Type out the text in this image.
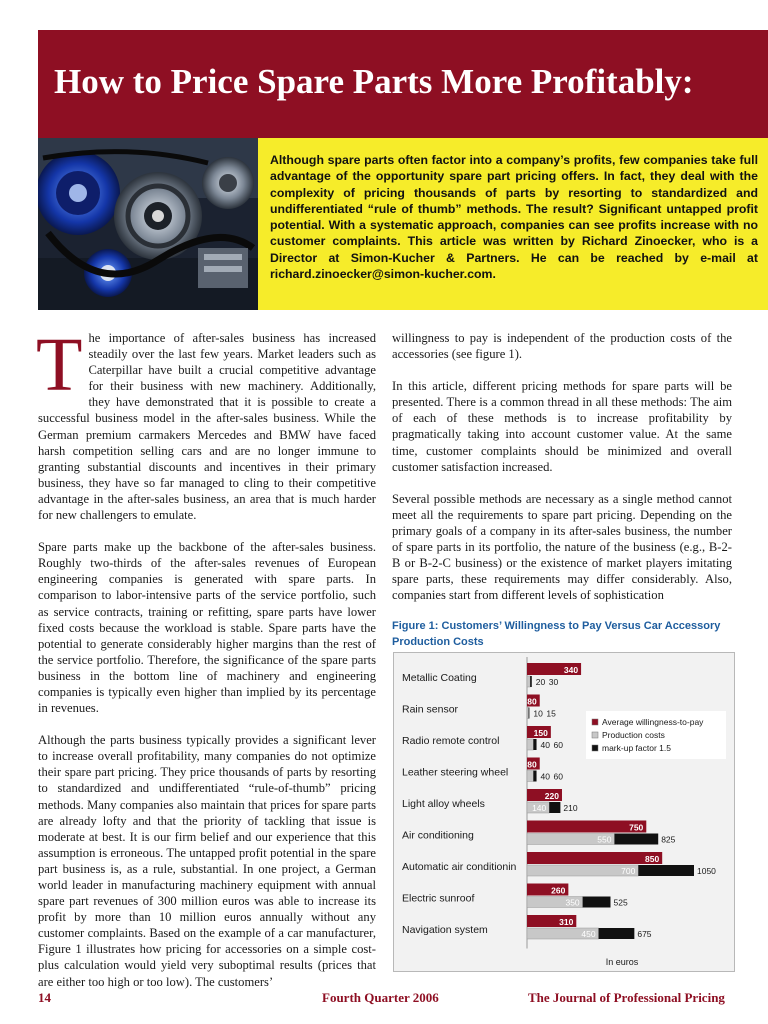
How to Price Spare Parts More Profitably:
Although spare parts often factor into a company’s profits, few companies take full advantage of the opportunity spare part pricing offers. In fact, they deal with the complexity of pricing thousands of parts by resorting to standardized and undifferentiated “rule of thumb” methods. The result? Significant untapped profit potential. With a systematic approach, companies can see profits increase with no customer complaints. This article was written by Richard Zinoecker, who is a Director at Simon-Kucher & Partners. He can be reached by e-mail at richard.zinoecker@simon-kucher.com.

The importance of after-sales business has increased steadily over the last few years. Market leaders such as Caterpillar have built a crucial competitive advantage for their business with new machinery. Additionally, they have demonstrated that it is possible to create a successful business model in the after-sales business. While the German premium carmakers Mercedes and BMW have faced harsh competition selling cars and are no longer immune to granting substantial discounts and incentives in their primary business, they have so far managed to cling to their competitive advantage in the after-sales business, an area that is much harder for new challengers to emulate.

Spare parts make up the backbone of the after-sales business. Roughly two-thirds of the after-sales revenues of European engineering companies is generated with spare parts. In comparison to labor-intensive parts of the service portfolio, such as service contracts, training or refitting, spare parts have lower fixed costs because the workload is stable. Spare parts have the potential to generate considerably higher margins than the rest of the service portfolio. Therefore, the significance of the spare parts business in the bottom line of machinery and engineering companies is typically even higher than implied by its percentage in revenues.

Although the parts business typically provides a significant lever to increase overall profitability, many companies do not optimize their spare part pricing. They price thousands of parts by resorting to standardized and undifferentiated “rule-of-thumb” pricing methods. Many companies also maintain that prices for spare parts are already lofty and that the priority of tackling that issue is moderate at best. It is our firm belief and our experience that this assumption is erroneous. The untapped profit potential in the spare part business is, as a rule, substantial. In one project, a German world leader in manufacturing machinery equipment with annual spare part revenues of 300 million euros was able to increase its profit by more than 10 million euros annually without any customer complaints. Based on the example of a car manufacturer, Figure 1 illustrates how pricing for accessories on a simple cost-plus calculation would yield very suboptimal results (prices that are either too high or too low). The customers’

willingness to pay is independent of the production costs of the accessories (see figure 1).

In this article, different pricing methods for spare parts will be presented. There is a common thread in all these methods: The aim of each of these methods is to increase profitability by pragmatically taking into account customer value. At the same time, customer complaints should be minimized and overall customer satisfaction increased.

Several possible methods are necessary as a single method cannot meet all the requirements to spare part pricing. Depending on the primary goals of a company in its after-sales business, the number of spare parts in its portfolio, the nature of the business (e.g., B-2-B or B-2-C business) or the existence of market players imitating spare parts, these requirements may differ considerably. Also, companies start from different levels of sophistication

Figure 1: Customers’ Willingness to Pay Versus Car Accessory Production Costs
Metallic Coating
340
20 30
Rain sensor
80
10 15
Radio remote control
150
40 60
Leather steering wheel
80
40 60
Light alloy wheels
220
140 210
Air conditioning
750
550	825
Automatic air conditionin
850
700	1050
Electric sunroof
260
350	525
Navigation system
310
450	675
Average willingness-to-pay
Production costs
mark-up factor 1.5
In euros
14	Fourth Quarter 2006	The Journal of Professional Pricing
